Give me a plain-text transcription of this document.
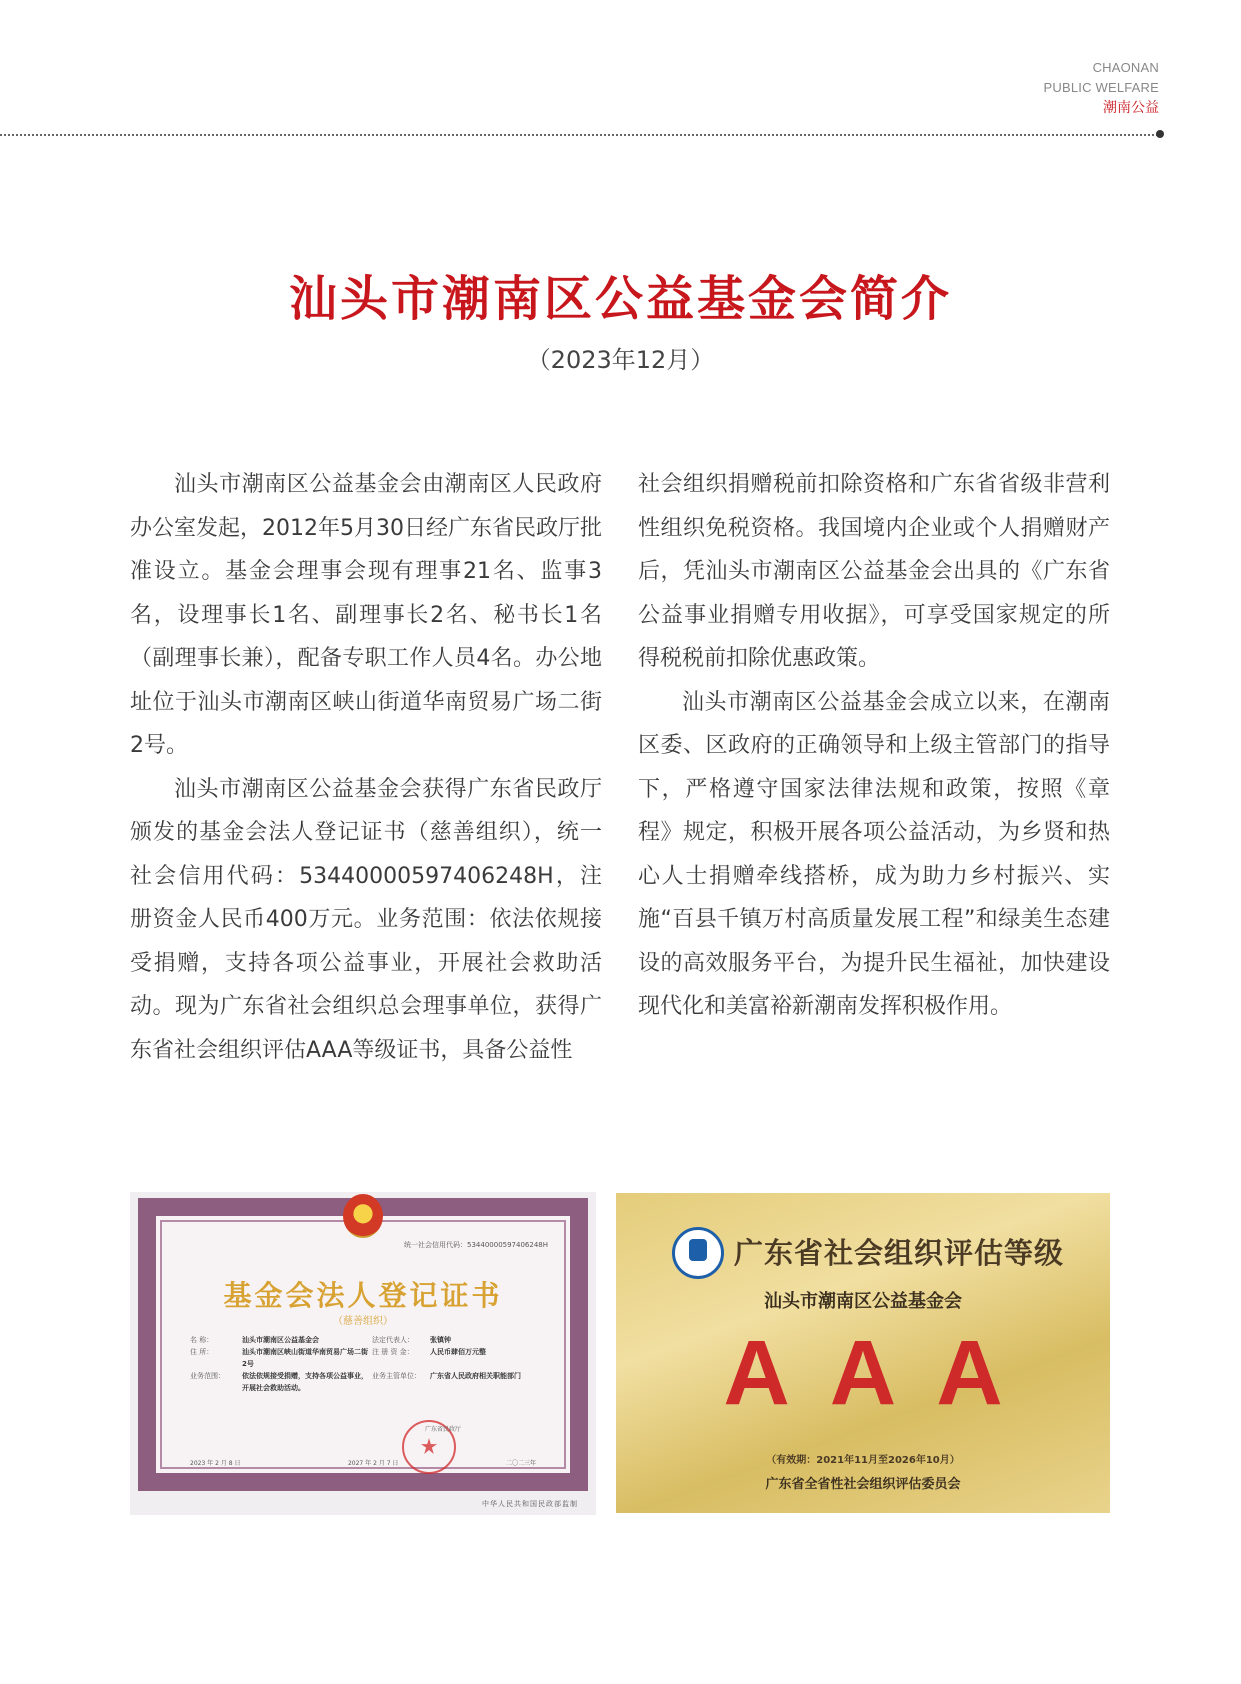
CHAONAN
PUBLIC WELFARE
潮南公益
汕头市潮南区公益基金会简介
（2023年12月）

汕头市潮南区公益基金会由潮南区人民政府办公室发起，2012年5月30日经广东省民政厅批准设立。基金会理事会现有理事21名、监事3名，设理事长1名、副理事长2名、秘书长1名（副理事长兼），配备专职工作人员4名。办公地址位于汕头市潮南区峡山街道华南贸易广场二街2号。

汕头市潮南区公益基金会获得广东省民政厅颁发的基金会法人登记证书（慈善组织），统一社会信用代码：53440000597406248H，注册资金人民币400万元。业务范围：依法依规接受捐赠，支持各项公益事业，开展社会救助活动。现为广东省社会组织总会理事单位，获得广东省社会组织评估AAA等级证书，具备公益性

社会组织捐赠税前扣除资格和广东省省级非营利性组织免税资格。我国境内企业或个人捐赠财产后，凭汕头市潮南区公益基金会出具的《广东省公益事业捐赠专用收据》，可享受国家规定的所得税税前扣除优惠政策。

汕头市潮南区公益基金会成立以来，在潮南区委、区政府的正确领导和上级主管部门的指导下，严格遵守国家法律法规和政策，按照《章程》规定，积极开展各项公益活动，为乡贤和热心人士捐赠牵线搭桥，成为助力乡村振兴、实施“百县千镇万村高质量发展工程”和绿美生态建设的高效服务平台，为提升民生福祉，加快建设现代化和美富裕新潮南发挥积极作用。

统一社会信用代码：53440000597406248H
基金会法人登记证书
（慈善组织）
名 称：	汕头市潮南区公益基金会	法定代表人：	张镇钟
住 所：	汕头市潮南区峡山街道华南贸易广场二街2号
注 册 资 金：	人民币肆佰万元整
业务范围：	依法依规接受捐赠，支持各项公益事业，开展社会救助活动。
业务主管单位：	广东省人民政府相关职能部门
广东省民政厅
2023 年 2 月 8 日	2027 年 2 月 7 日	二〇二三年
中华人民共和国民政部监制
广东省社会组织评估等级
汕头市潮南区公益基金会
AAA
（有效期：2021年11月至2026年10月）
广东省全省性社会组织评估委员会
